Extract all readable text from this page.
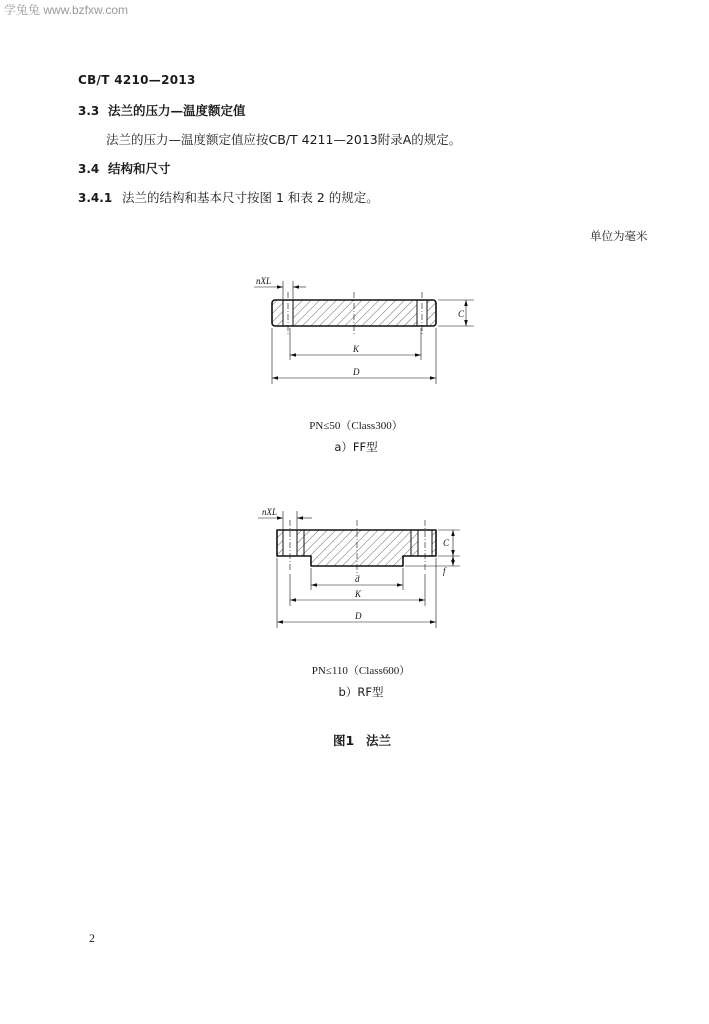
学兔兔 www.bzfxw.com
CB/T 4210—2013
3.3 法兰的压力—温度额定值
法兰的压力—温度额定值应按CB/T 4211—2013附录A的规定。
3.4 结构和尺寸
3.4.1 法兰的结构和基本尺寸按图 1 和表 2 的规定。
单位为毫米
nXL
C
K
D
nXL
C
f
d
K
D
PN≤50（Class300）
a）FF型
PN≤110（Class600）
b）RF型
图1 法兰
2
